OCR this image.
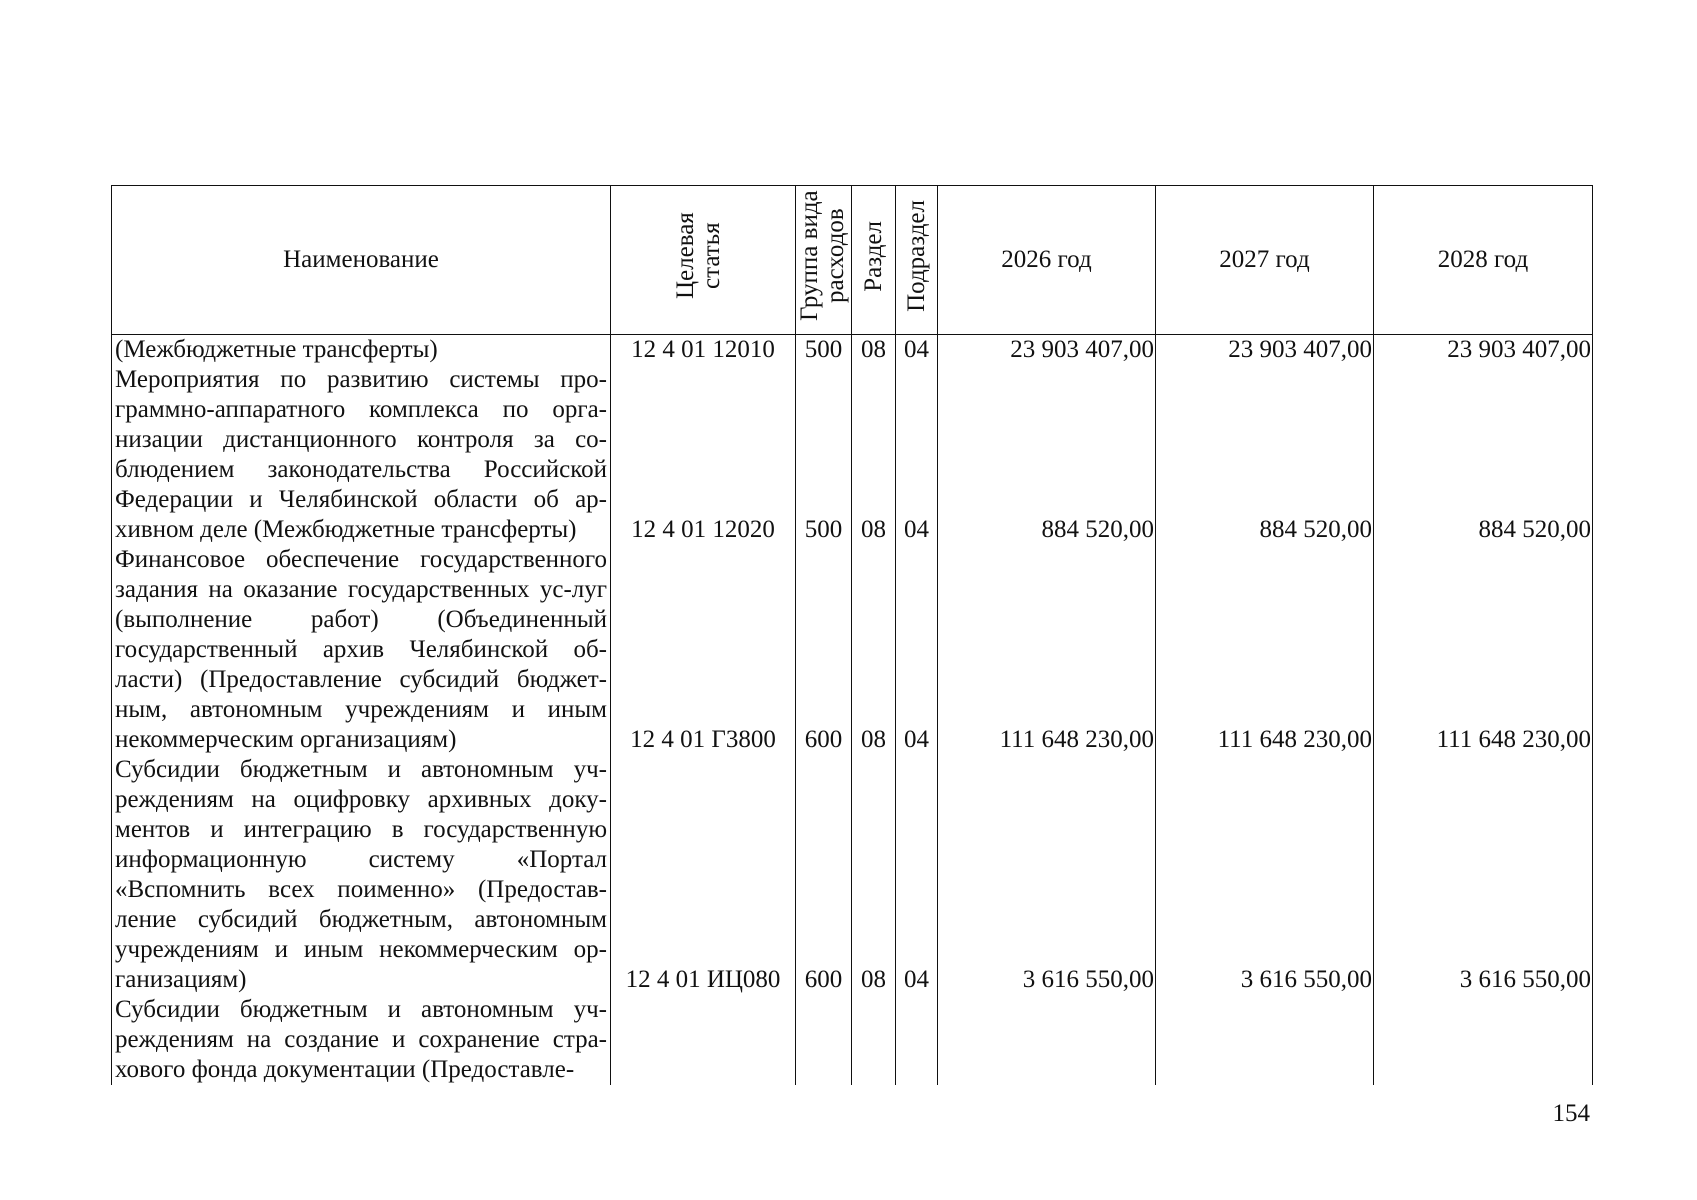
Наименование	Целевая статья	Группа вида расходов	Раздел	Подраздел	2026 год	2027 год	2028 год
(Межбюджетные трансферты)	12 4 01 12010	500	08	04	23 903 407,00	23 903 407,00	23 903 407,00
Мероприятия по развитию системы про-граммно-аппаратного комплекса по орга-низации дистанционного контроля за со-блюдением законодательства Российской Федерации и Челябинской области об ар-хивном деле (Межбюджетные трансферты)	12 4 01 12020	500	08	04	884 520,00	884 520,00	884 520,00
Финансовое обеспечение государственного задания на оказание государственных ус-луг (выполнение работ) (Объединенный государственный архив Челябинской об-ласти) (Предоставление субсидий бюджет-ным, автономным учреждениям и иным некоммерческим организациям)	12 4 01 Г3800	600	08	04	111 648 230,00	111 648 230,00	111 648 230,00
Субсидии бюджетным и автономным уч-реждениям на оцифровку архивных доку-ментов и интеграцию в государственную информационную систему «Портал «Вспомнить всех поименно» (Предостав-ление субсидий бюджетным, автономным учреждениям и иным некоммерческим ор-ганизациям)	12 4 01 ИЦ080	600	08	04	3 616 550,00	3 616 550,00	3 616 550,00
Субсидии бюджетным и автономным уч-реждениям на создание и сохранение стра-хового фонда документации (Предоставле-							
154
